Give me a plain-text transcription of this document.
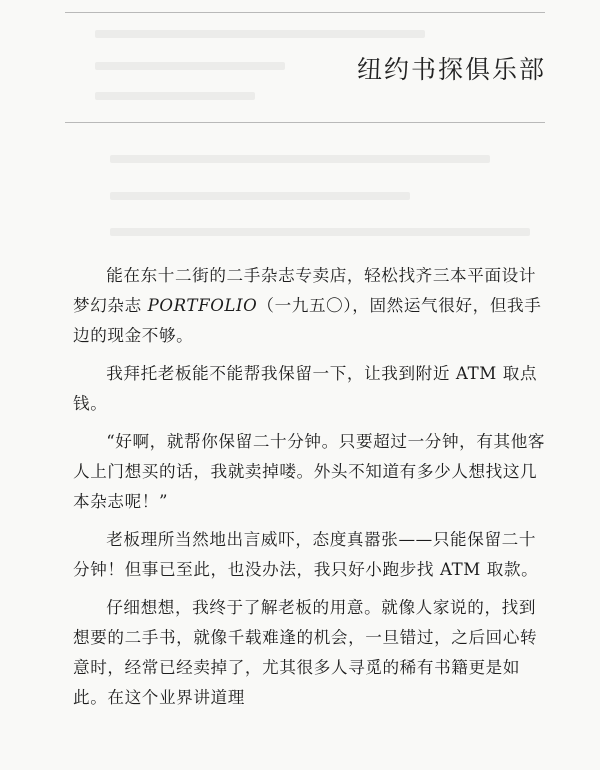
纽约书探俱乐部

能在东十二街的二手杂志专卖店，轻松找齐三本平面设计梦幻杂志 PORTFOLIO（一九五〇），固然运气很好，但我手边的现金不够。

我拜托老板能不能帮我保留一下，让我到附近 ATM 取点钱。

“好啊，就帮你保留二十分钟。只要超过一分钟，有其他客人上门想买的话，我就卖掉喽。外头不知道有多少人想找这几本杂志呢！”

老板理所当然地出言威吓，态度真嚣张——只能保留二十分钟！但事已至此，也没办法，我只好小跑步找 ATM 取款。

仔细想想，我终于了解老板的用意。就像人家说的，找到想要的二手书，就像千载难逢的机会，一旦错过，之后回心转意时，经常已经卖掉了，尤其很多人寻觅的稀有书籍更是如此。在这个业界讲道理
